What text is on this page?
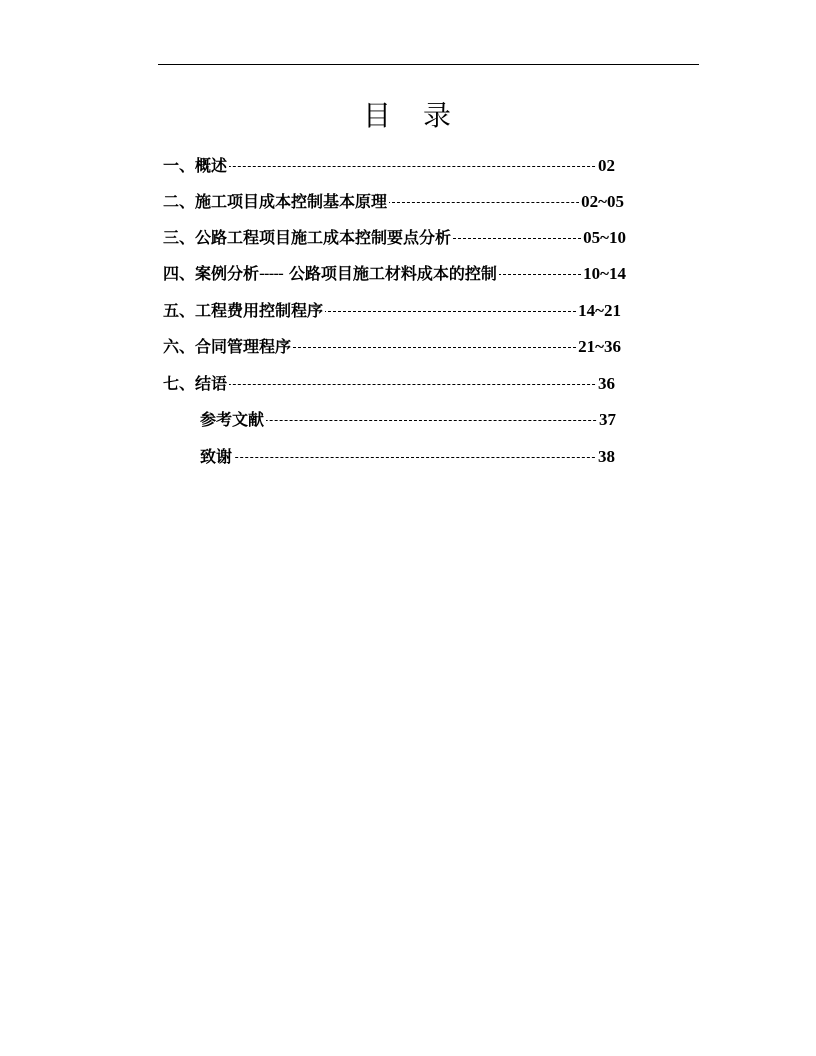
目　录
一、概述	02
二、施工项目成本控制基本原理	02~05
三、公路工程项目施工成本控制要点分析	05~10
四、案例分析----- 公路项目施工材料成本的控制	10~14
五、工程费用控制程序	14~21
六、合同管理程序	21~36
七、结语	36
参考文献	37
致谢	38
